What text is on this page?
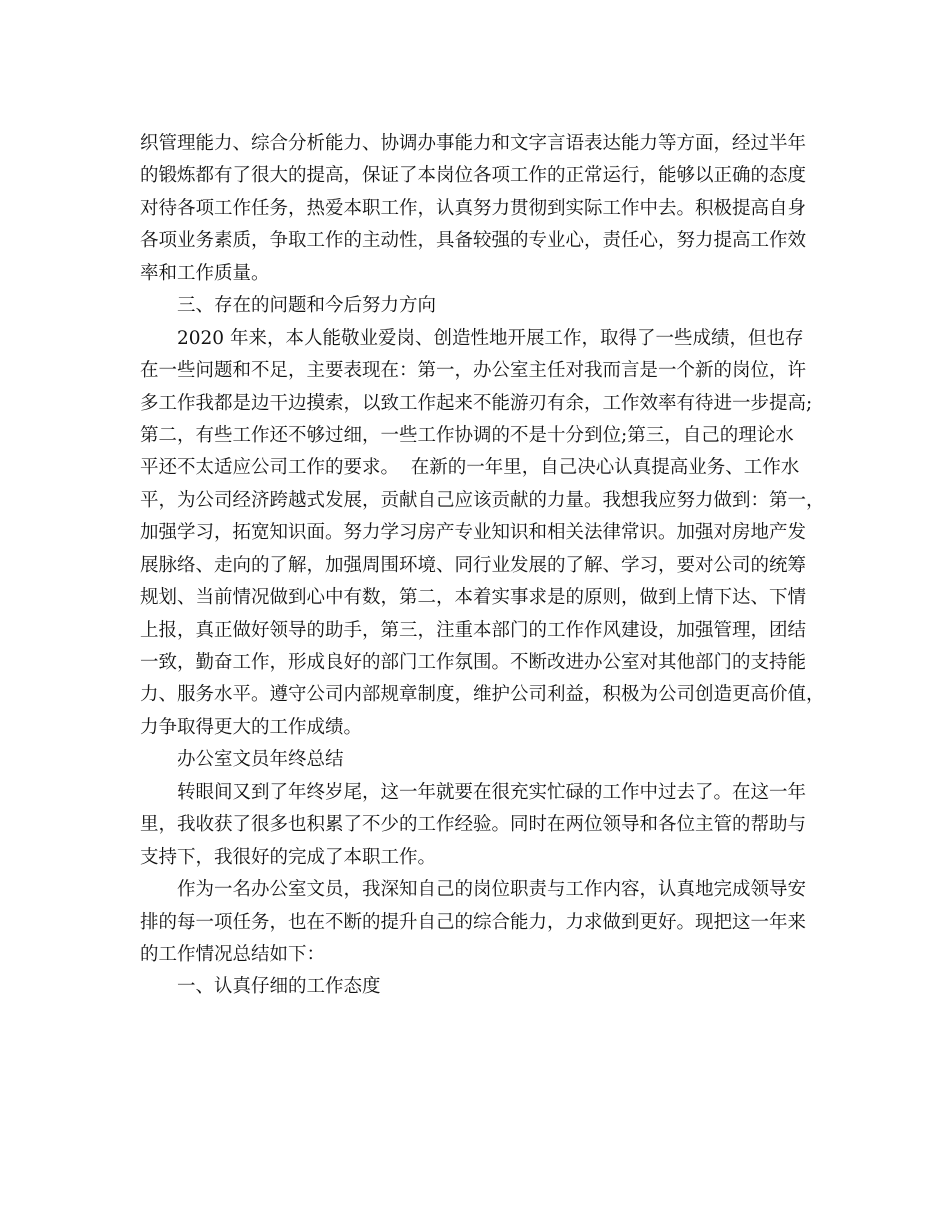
织管理能力、综合分析能力、协调办事能力和文字言语表达能力等方面，经过半年
的锻炼都有了很大的提高，保证了本岗位各项工作的正常运行，能够以正确的态度
对待各项工作任务，热爱本职工作，认真努力贯彻到实际工作中去。积极提高自身
各项业务素质，争取工作的主动性，具备较强的专业心，责任心，努力提高工作效
率和工作质量。
三、存在的问题和今后努力方向
2020 年来，本人能敬业爱岗、创造性地开展工作，取得了一些成绩，但也存
在一些问题和不足，主要表现在：第一，办公室主任对我而言是一个新的岗位，许
多工作我都是边干边摸索，以致工作起来不能游刃有余，工作效率有待进一步提高;
第二，有些工作还不够过细，一些工作协调的不是十分到位;第三，自己的理论水
平还不太适应公司工作的要求。  在新的一年里，自己决心认真提高业务、工作水
平，为公司经济跨越式发展，贡献自己应该贡献的力量。我想我应努力做到：第一，
加强学习，拓宽知识面。努力学习房产专业知识和相关法律常识。加强对房地产发
展脉络、走向的了解，加强周围环境、同行业发展的了解、学习，要对公司的统筹
规划、当前情况做到心中有数，第二，本着实事求是的原则，做到上情下达、下情
上报，真正做好领导的助手，第三，注重本部门的工作作风建设，加强管理，团结
一致，勤奋工作，形成良好的部门工作氛围。不断改进办公室对其他部门的支持能
力、服务水平。遵守公司内部规章制度，维护公司利益，积极为公司创造更高价值，
力争取得更大的工作成绩。
办公室文员年终总结
转眼间又到了年终岁尾，这一年就要在很充实忙碌的工作中过去了。在这一年
里，我收获了很多也积累了不少的工作经验。同时在两位领导和各位主管的帮助与
支持下，我很好的完成了本职工作。
作为一名办公室文员，我深知自己的岗位职责与工作内容，认真地完成领导安
排的每一项任务，也在不断的提升自己的综合能力，力求做到更好。现把这一年来
的工作情况总结如下：
一、认真仔细的工作态度
